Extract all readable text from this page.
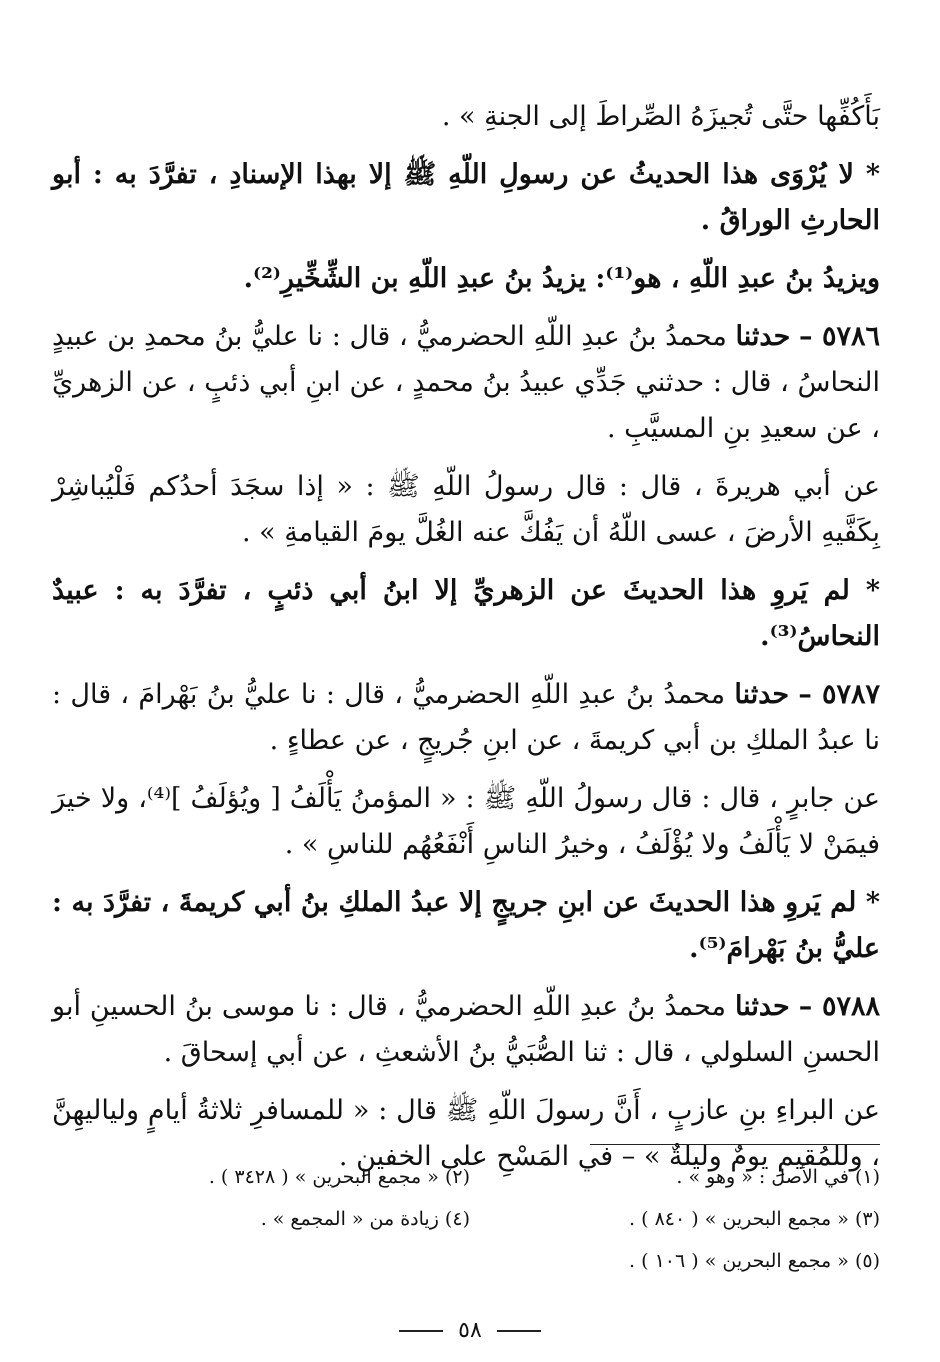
بَأَكُفِّها حتَّى تُجيزَهُ الصِّراطَ إلى الجنةِ » .

* لا يُرْوَى هذا الحديثُ عن رسولِ اللّهِ ﷺ إلا بهذا الإسنادِ ، تفرَّدَ به : أبو الحارثِ الوراقُ .

ويزيدُ بنُ عبدِ اللّهِ ، هو⁽¹⁾: يزيدُ بنُ عبدِ اللّهِ بن الشِّخِّيرِ⁽²⁾.

٥٧٨٦ – حدثنا محمدُ بنُ عبدِ اللّهِ الحضرميُّ ، قال : نا عليُّ بنُ محمدِ بن عبيدٍ النحاسُ ، قال : حدثني جَدِّي عبيدُ بنُ محمدٍ ، عن ابنِ أبي ذئبٍ ، عن الزهريِّ ، عن سعيدِ بنِ المسيَّبِ .

عن أبي هريرةَ ، قال : قال رسولُ اللّهِ ﷺ : « إذا سجَدَ أحدُكم فَلْيُباشِرْ بِكَفَّيهِ الأرضَ ، عسى اللّهُ أن يَفُكَّ عنه الغُلَّ يومَ القيامةِ » .

* لم يَروِ هذا الحديثَ عن الزهريِّ إلا ابنُ أبي ذئبٍ ، تفرَّدَ به : عبيدٌ النحاسُ⁽³⁾.

٥٧٨٧ – حدثنا محمدُ بنُ عبدِ اللّهِ الحضرميُّ ، قال : نا عليُّ بنُ بَهْرامَ ، قال : نا عبدُ الملكِ بن أبي كريمةَ ، عن ابنِ جُريجٍ ، عن عطاءٍ .

عن جابرٍ ، قال : قال رسولُ اللّهِ ﷺ : « المؤمنُ يَأْلَفُ [ ويُؤلَفُ ]⁽⁴⁾، ولا خيرَ فيمَنْ لا يَأْلَفُ ولا يُؤْلَفُ ، وخيرُ الناسِ أَنْفَعُهُم للناسِ » .

* لم يَروِ هذا الحديثَ عن ابنِ جريجٍ إلا عبدُ الملكِ بنُ أبي كريمةَ ، تفرَّدَ به : عليُّ بنُ بَهْرامَ⁽⁵⁾.

٥٧٨٨ – حدثنا محمدُ بنُ عبدِ اللّهِ الحضرميُّ ، قال : نا موسى بنُ الحسينِ أبو الحسنِ السلولي ، قال : ثنا الصُّبَيُّ بنُ الأشعثِ ، عن أبي إسحاقَ .

عن البراءِ بنِ عازبٍ ، أَنَّ رسولَ اللّهِ ﷺ قال : « للمسافرِ ثلاثةُ أيامٍ ولياليهِنَّ ، وللمُقيمِ يومٌ وليلةٌ » – في المَسْحِ على الخفينِ .

(١) في الأصل : « وهو » .
(٢) « مجمع البحرين » ( ٣٤٢٨ ) .
(٣) « مجمع البحرين » ( ٨٤٠ ) .
(٤) زيادة من « المجمع » .
(٥) « مجمع البحرين » ( ١٠٦ ) .
٥٨
